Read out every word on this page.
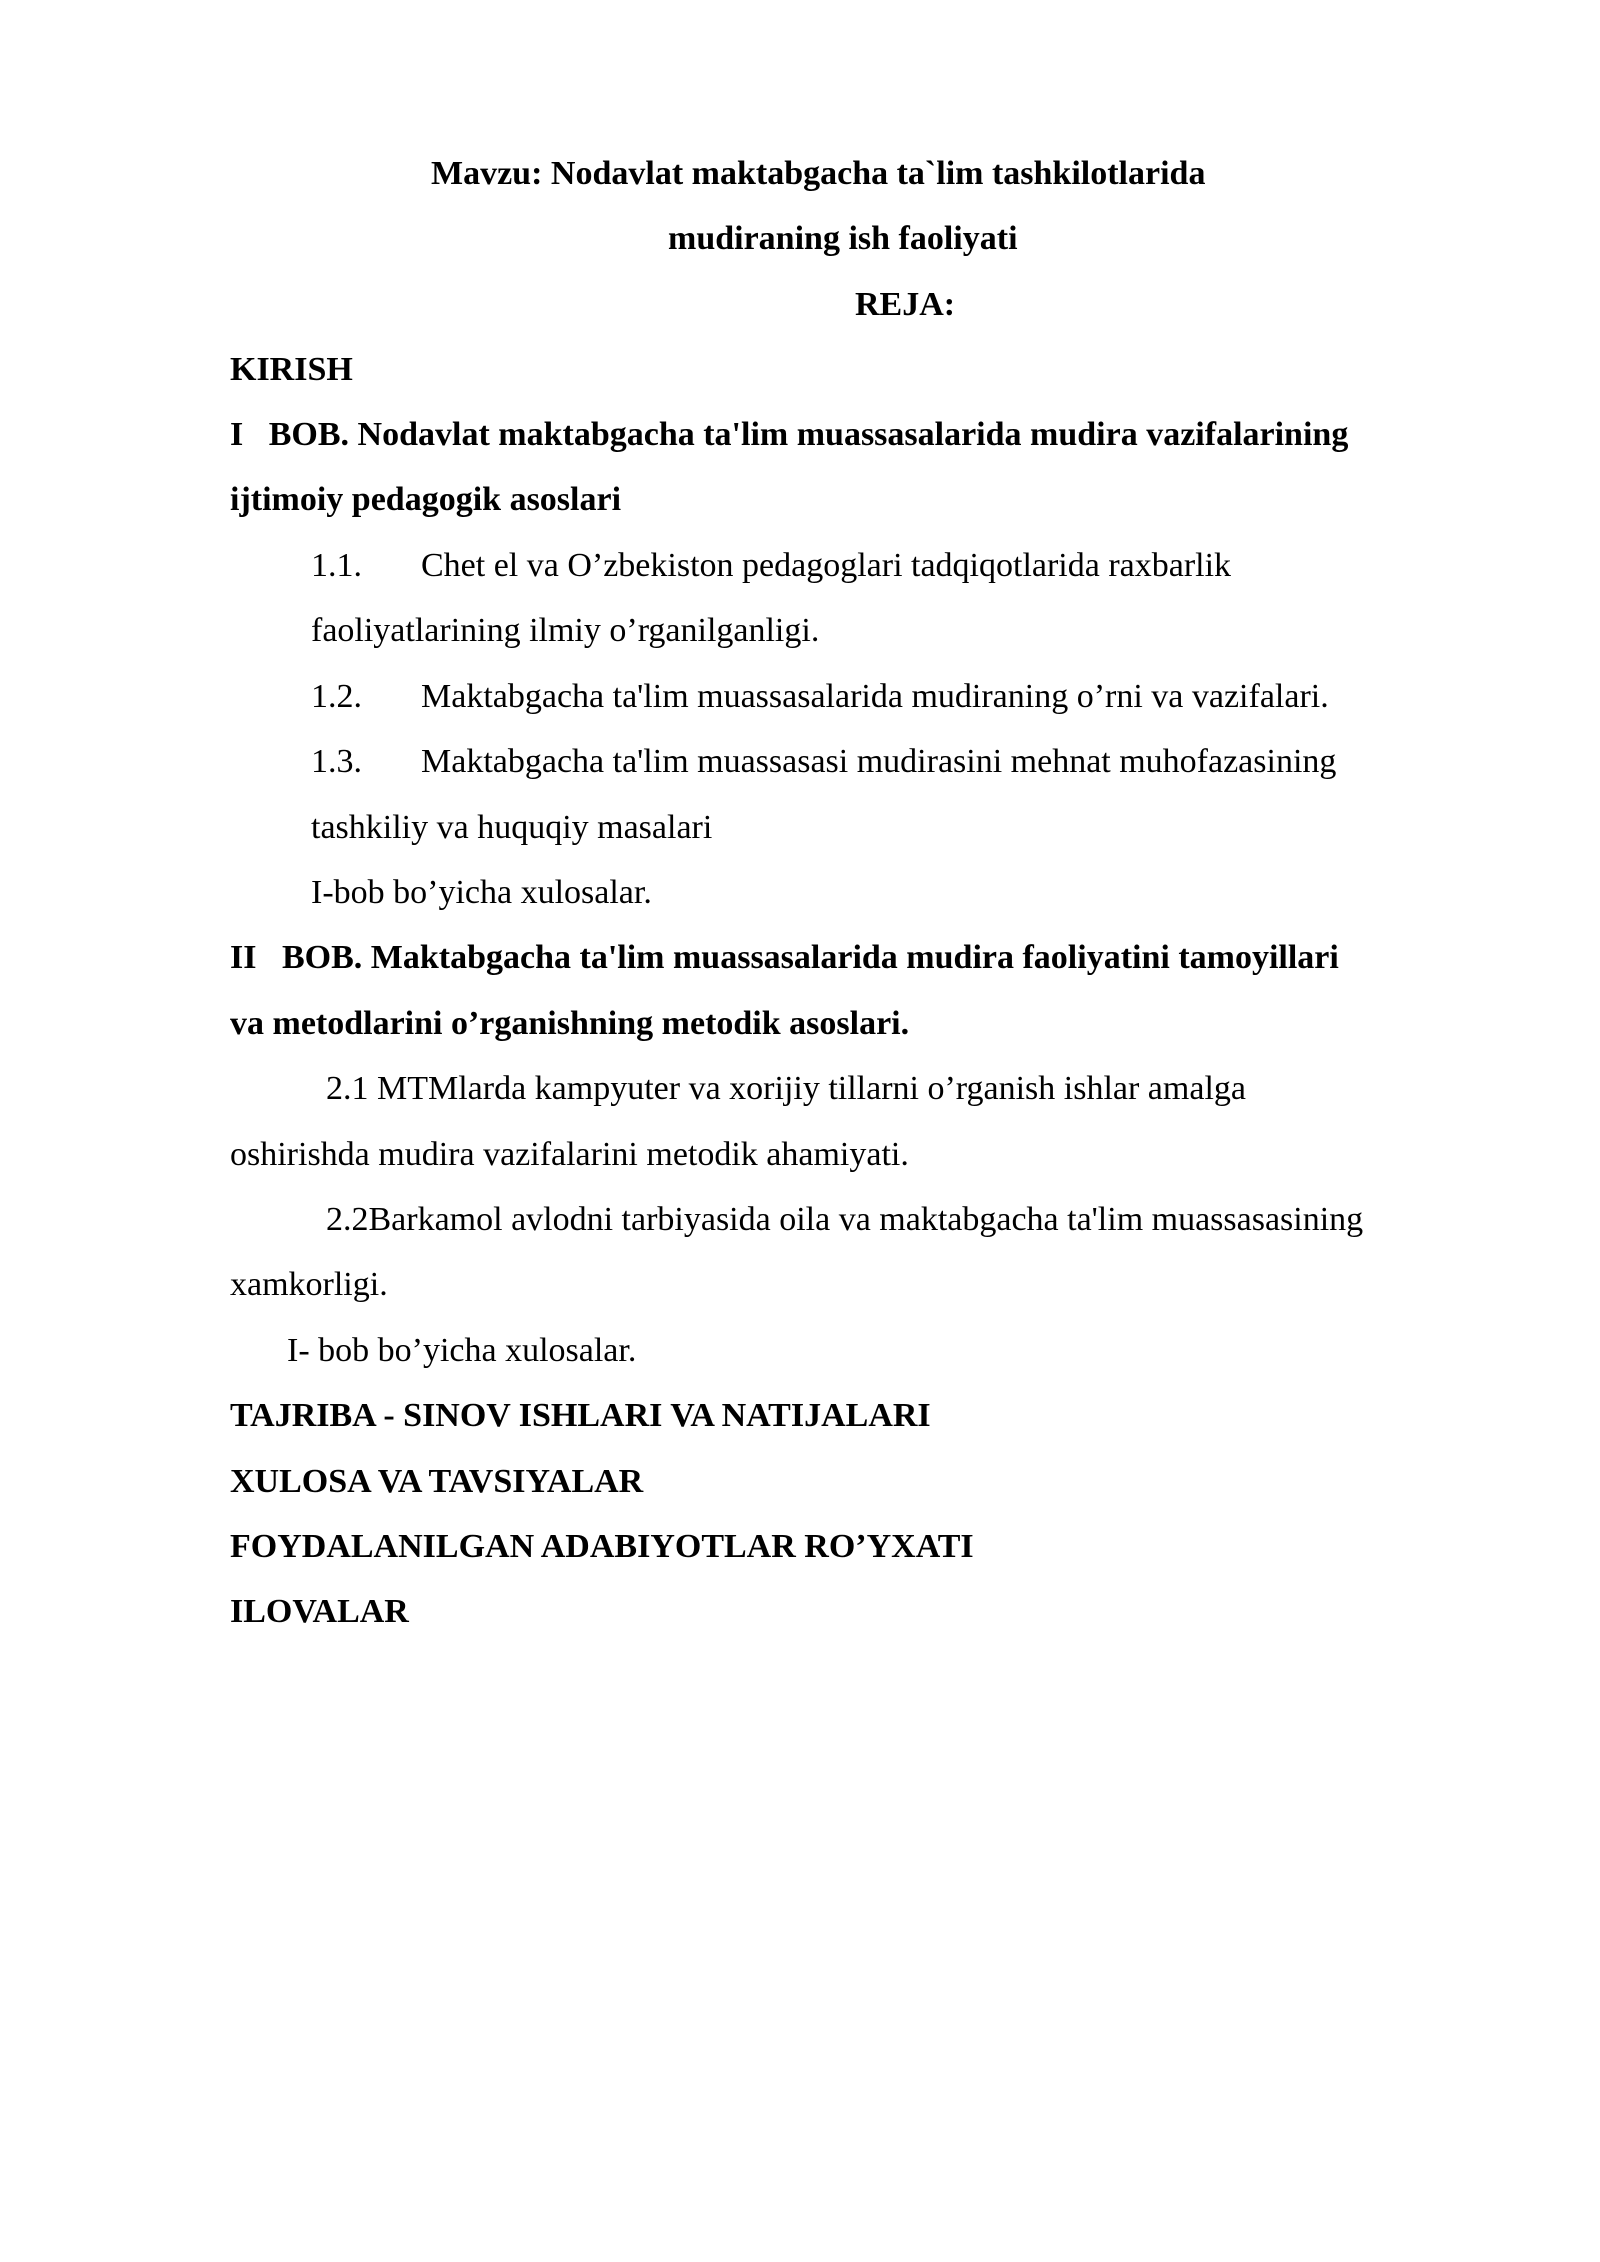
Mavzu: Nodavlat maktabgacha ta`lim tashkilotlarida
mudiraning ish faoliyati
REJA:
KIRISH
I   BOB. Nodavlat maktabgacha ta'lim muassasalarida mudira vazifalarining
ijtimoiy pedagogik asoslari
1.1. Chet el va O’zbekiston pedagoglari tadqiqotlarida raxbarlik
faoliyatlarining ilmiy o’rganilganligi.
1.2. Maktabgacha ta'lim muassasalarida mudiraning o’rni va vazifalari.
1.3. Maktabgacha ta'lim muassasasi mudirasini mehnat muhofazasining
tashkiliy va huquqiy masalari
I-bob bo’yicha xulosalar.
II   BOB. Maktabgacha ta'lim muassasalarida mudira faoliyatini tamoyillari
va metodlarini o’rganishning metodik asoslari.
2.1 MTMlarda kampyuter va xorijiy tillarni o’rganish ishlar amalga
oshirishda mudira vazifalarini metodik ahamiyati.
2.2Barkamol avlodni tarbiyasida oila va maktabgacha ta'lim muassasasining
xamkorligi.
I- bob bo’yicha xulosalar.
TAJRIBA - SINOV ISHLARI VA NATIJALARI
XULOSA VA TAVSIYALAR
FOYDALANILGAN ADABIYOTLAR RO’YXATI
ILOVALAR
